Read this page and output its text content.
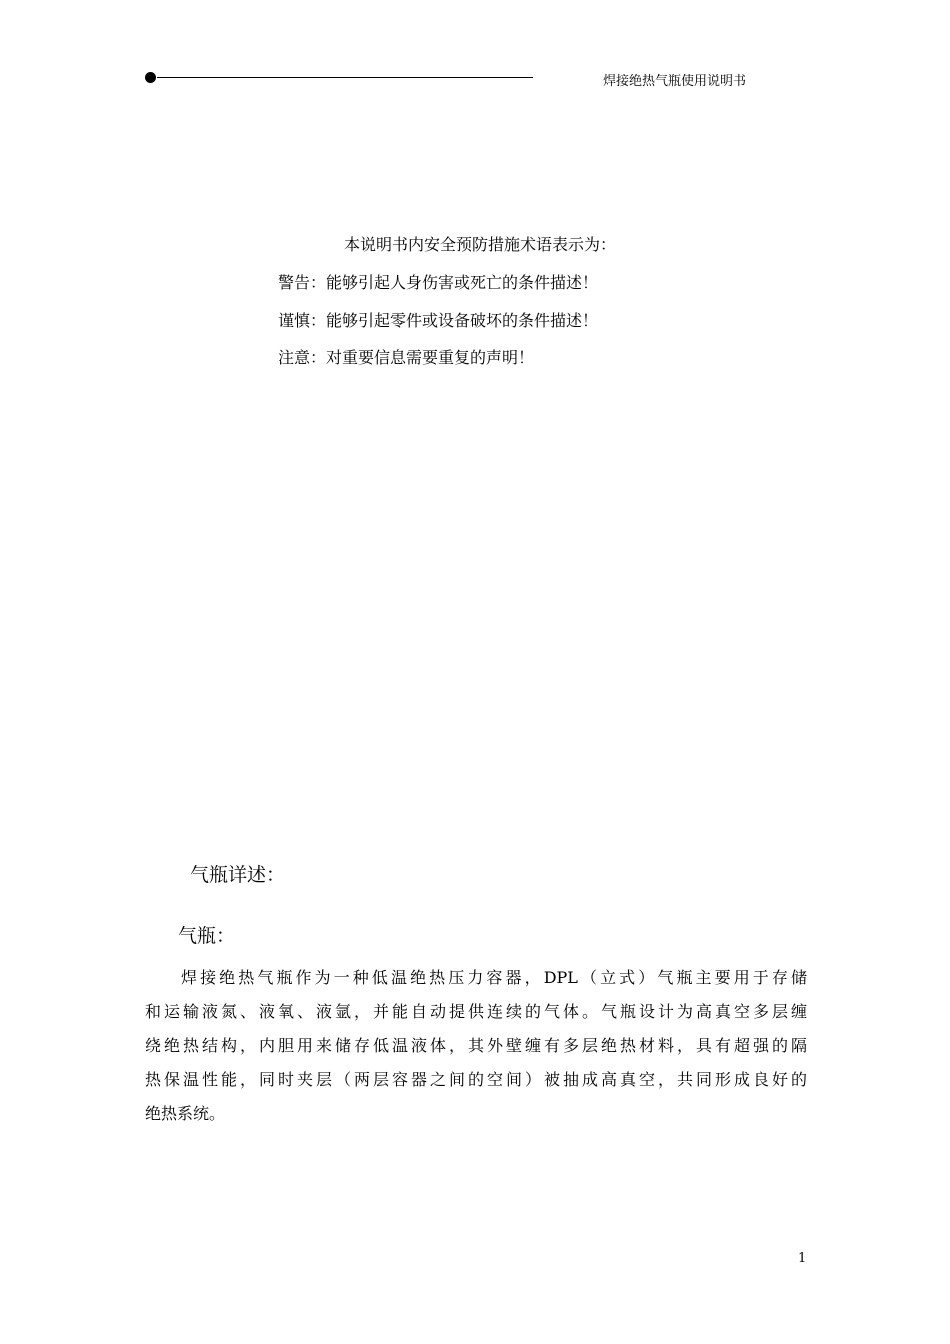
焊接绝热气瓶使用说明书
本说明书内安全预防措施术语表示为：
警告：能够引起人身伤害或死亡的条件描述！
谨慎：能够引起零件或设备破坏的条件描述！
注意：对重要信息需要重复的声明！
气瓶详述：
气瓶：
焊接绝热气瓶作为一种低温绝热压力容器，DPL（立式）气瓶主要用于存储
和运输液氮、液氧、液氩，并能自动提供连续的气体。气瓶设计为高真空多层缠
绕绝热结构，内胆用来储存低温液体，其外壁缠有多层绝热材料，具有超强的隔
热保温性能，同时夹层（两层容器之间的空间）被抽成高真空，共同形成良好的
绝热系统。
1
